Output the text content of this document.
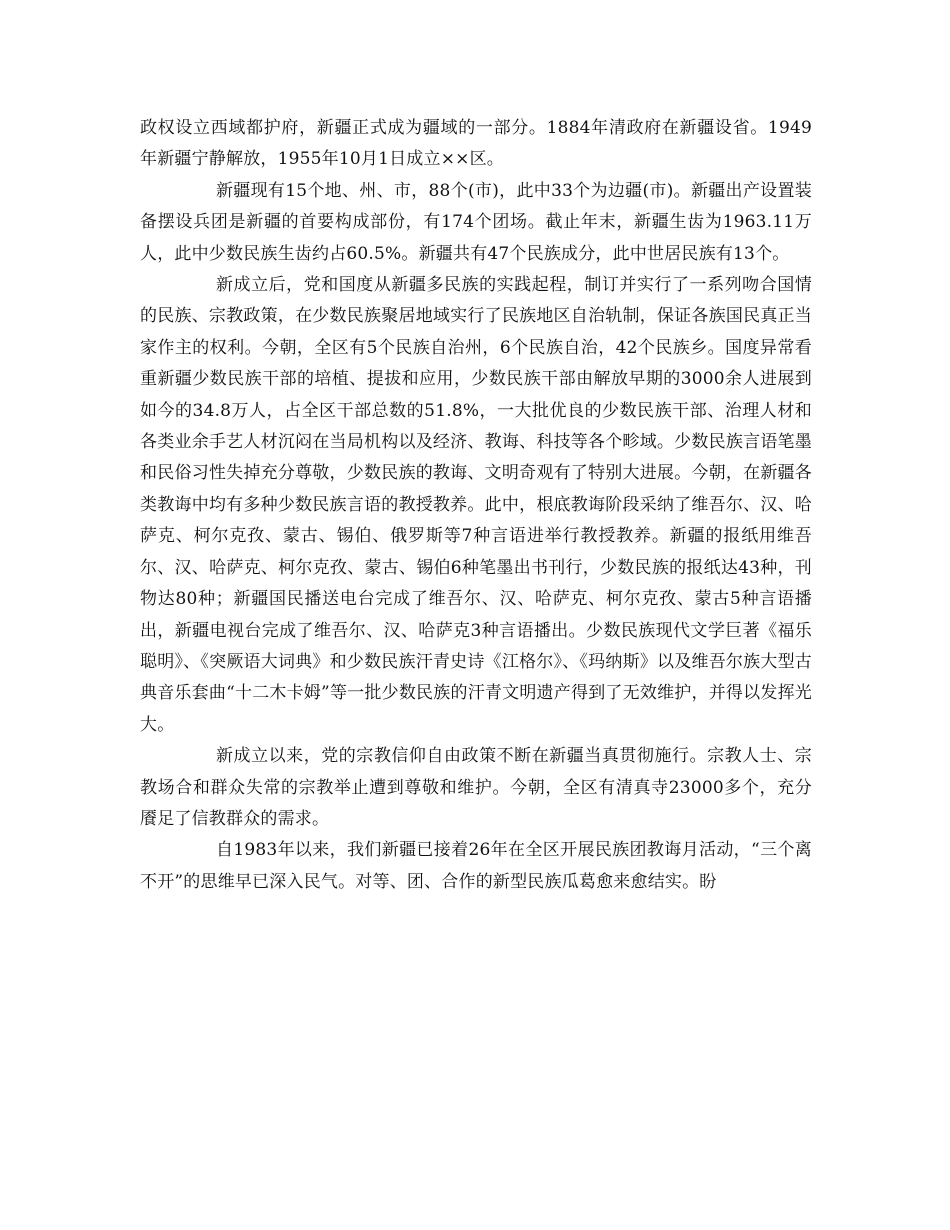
政权设立西域都护府，新疆正式成为疆域的一部分。1884年清政府在新疆设省。1949年新疆宁静解放，1955年10月1日成立××区。

新疆现有15个地、州、市，88个(市)，此中33个为边疆(市)。新疆出产设置装备摆设兵团是新疆的首要构成部份，有174个团场。截止年末，新疆生齿为1963.11万人，此中少数民族生齿约占60.5%。新疆共有47个民族成分，此中世居民族有13个。

新成立后，党和国度从新疆多民族的实践起程，制订并实行了一系列吻合国情的民族、宗教政策，在少数民族聚居地域实行了民族地区自治轨制，保证各族国民真正当家作主的权利。今朝，全区有5个民族自治州，6个民族自治，42个民族乡。国度异常看重新疆少数民族干部的培植、提拔和应用，少数民族干部由解放早期的3000余人进展到如今的34.8万人，占全区干部总数的51.8%，一大批优良的少数民族干部、治理人材和各类业余手艺人材沉闷在当局机构以及经济、教诲、科技等各个畛域。少数民族言语笔墨和民俗习性失掉充分尊敬，少数民族的教诲、文明奇观有了特别大进展。今朝，在新疆各类教诲中均有多种少数民族言语的教授教养。此中，根底教诲阶段采纳了维吾尔、汉、哈萨克、柯尔克孜、蒙古、锡伯、俄罗斯等7种言语进举行教授教养。新疆的报纸用维吾尔、汉、哈萨克、柯尔克孜、蒙古、锡伯6种笔墨出书刊行，少数民族的报纸达43种，刊物达80种；新疆国民播送电台完成了维吾尔、汉、哈萨克、柯尔克孜、蒙古5种言语播出，新疆电视台完成了维吾尔、汉、哈萨克3种言语播出。少数民族现代文学巨著《福乐聪明》、《突厥语大词典》和少数民族汗青史诗《江格尔》、《玛纳斯》以及维吾尔族大型古典音乐套曲“十二木卡姆”等一批少数民族的汗青文明遗产得到了无效维护，并得以发挥光大。

新成立以来，党的宗教信仰自由政策不断在新疆当真贯彻施行。宗教人士、宗教场合和群众失常的宗教举止遭到尊敬和维护。今朝，全区有清真寺23000多个，充分餍足了信教群众的需求。

自1983年以来，我们新疆已接着26年在全区开展民族团教诲月活动，“三个离不开”的思维早已深入民气。对等、团、合作的新型民族瓜葛愈来愈结实。盼
